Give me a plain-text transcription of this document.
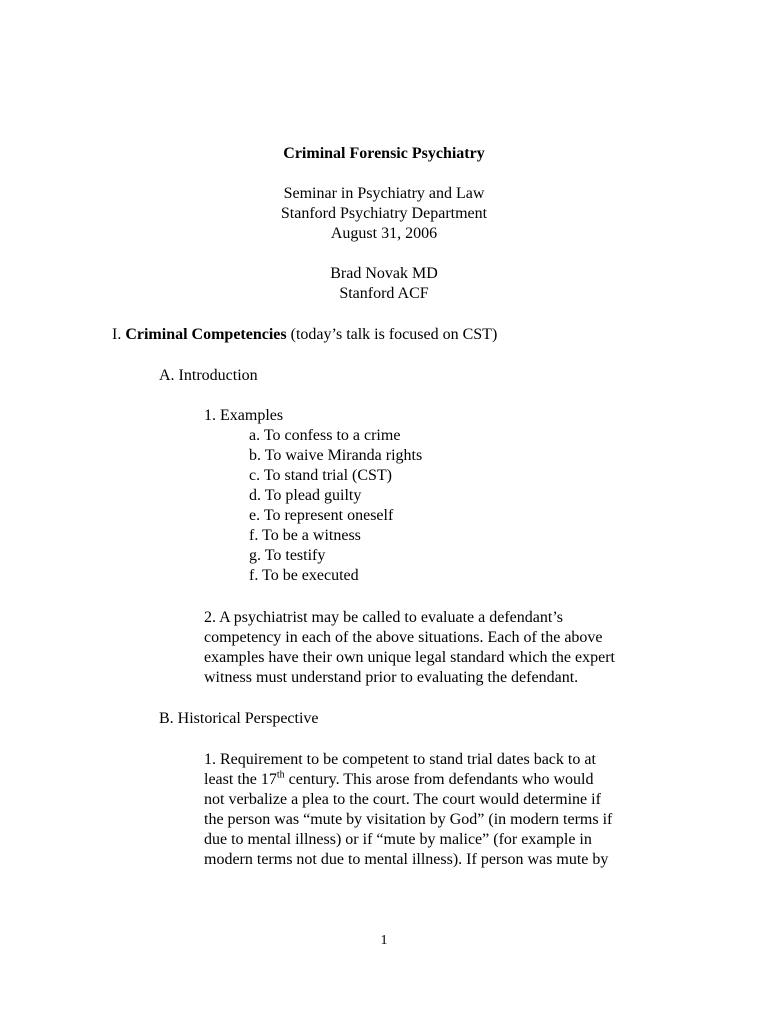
Criminal Forensic Psychiatry

Seminar in Psychiatry and Law

Stanford Psychiatry Department

August 31, 2006

Brad Novak MD

Stanford ACF

I. Criminal Competencies (today’s talk is focused on CST)

A. Introduction

1. Examples

a. To confess to a crime

b. To waive Miranda rights

c. To stand trial (CST)

d. To plead guilty

e. To represent oneself

f. To be a witness

g. To testify

f. To be executed

2. A psychiatrist may be called to evaluate a defendant’s

competency in each of the above situations. Each of the above

examples have their own unique legal standard which the expert

witness must understand prior to evaluating the defendant.

B. Historical Perspective

1. Requirement to be competent to stand trial dates back to at

least the 17th century. This arose from defendants who would

not verbalize a plea to the court. The court would determine if

the person was “mute by visitation by God” (in modern terms if

due to mental illness) or if “mute by malice” (for example in

modern terms not due to mental illness). If person was mute by

1
